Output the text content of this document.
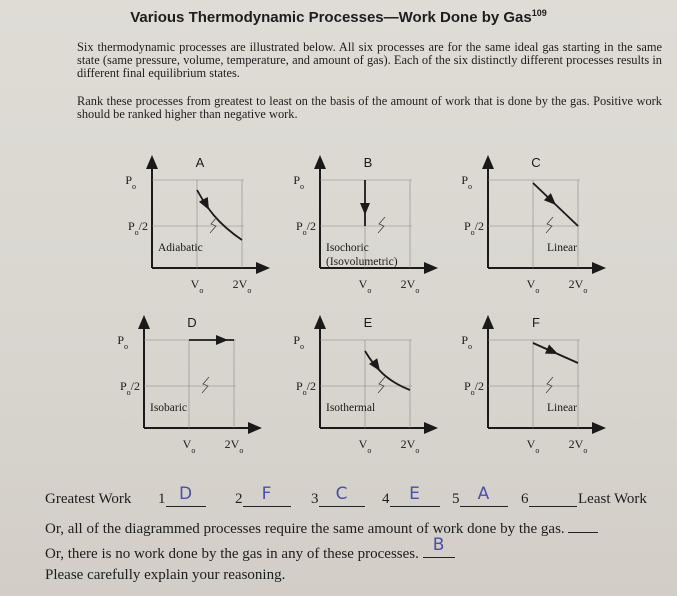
Various Thermodynamic Processes—Work Done by Gas$^{109}$
Six thermodynamic processes are illustrated below. All six processes are for the same ideal gas starting in the same state (same pressure, volume, temperature, and amount of gas). Each of the six distinctly different processes results in different final equilibrium states.
Rank these processes from greatest to least on the basis of the amount of work that is done by the gas. Positive work should be ranked higher than negative work.
A
$P_o$
$P_o/2$
$V_o$ $2V_o$
Adiabatic
B
$P_o$
$P_o/2$
$V_o$ $2V_o$
Isochoric
(Isovolumetric)
C
$P_o$
$P_o/2$
$V_o$ $2V_o$
Linear
D
$P_o$
$P_o/2$
$V_o$ $2V_o$
Isobaric
E
$P_o$
$P_o/2$
$V_o$ $2V_o$
Isothermal
F
$P_o$
$P_o/2$
$V_o$ $2V_o$
Linear
Greatest Work 1 D	2	F	3	C	4	E	5	A	6	Least Work
Or, all of the diagrammed processes require the same amount of work done by the gas.
Or, there is no work done by the gas in any of these processes. B
Please carefully explain your reasoning.
